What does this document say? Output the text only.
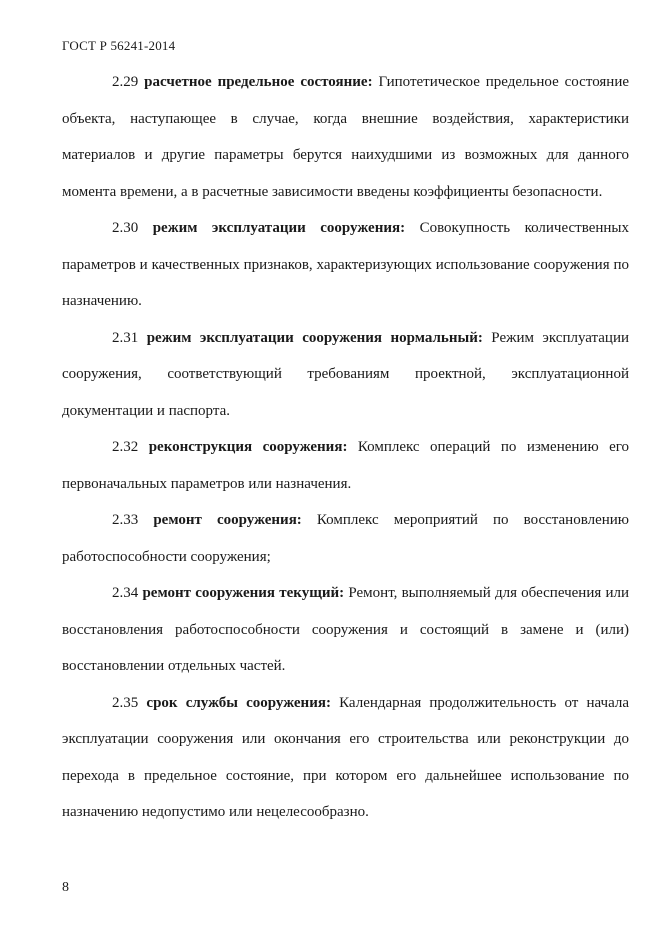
ГОСТ Р 56241-2014

2.29 расчетное предельное состояние: Гипотетическое предельное состояние объекта, наступающее в случае, когда внешние воздействия, характеристики материалов и другие параметры берутся наихудшими из возможных для данного момента времени, а в расчетные зависимости введены коэффициенты безопасности.

2.30 режим эксплуатации сооружения: Совокупность количественных параметров и качественных признаков, характеризующих использование сооружения по назначению.

2.31 режим эксплуатации сооружения нормальный: Режим эксплуатации сооружения, соответствующий требованиям проектной, эксплуатационной документации и паспорта.

2.32 реконструкция сооружения: Комплекс операций по изменению его первоначальных параметров или назначения.

2.33 ремонт сооружения: Комплекс мероприятий по восстановлению работоспособности сооружения;

2.34 ремонт сооружения текущий: Ремонт, выполняемый для обеспечения или восстановления работоспособности сооружения и состоящий в замене и (или) восстановлении отдельных частей.

2.35 срок службы сооружения: Календарная продолжительность от начала эксплуатации сооружения или окончания его строительства или реконструкции до перехода в предельное состояние, при котором его дальнейшее использование по назначению недопустимо или нецелесообразно.

8
